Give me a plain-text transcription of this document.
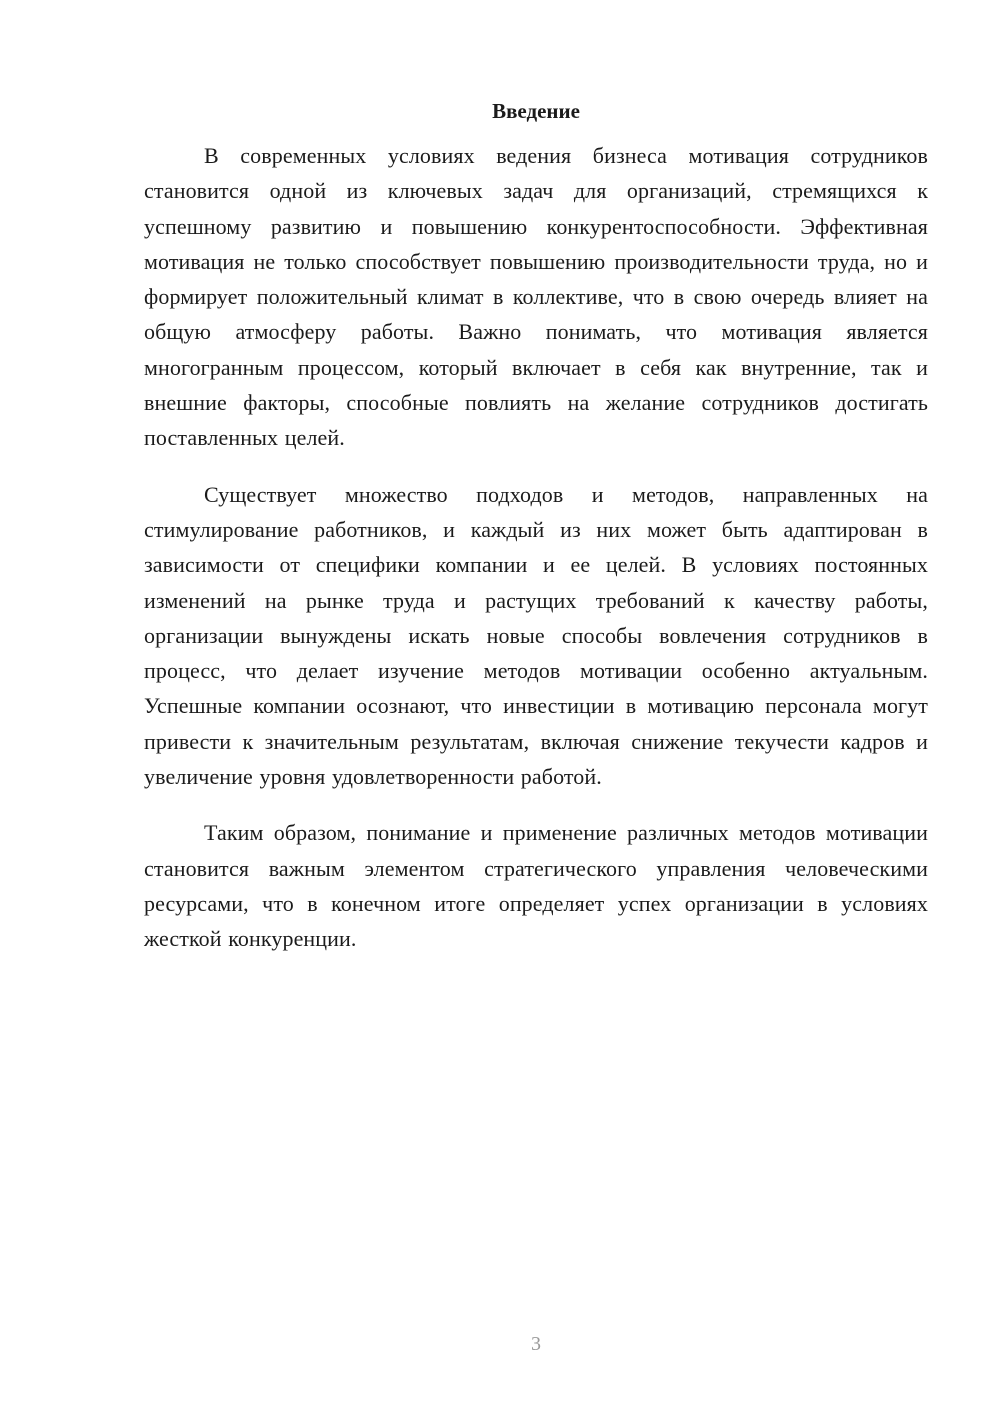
Введение

В современных условиях ведения бизнеса мотивация сотрудников становится одной из ключевых задач для организаций, стремящихся к успешному развитию и повышению конкурентоспособности. Эффективная мотивация не только способствует повышению производительности труда, но и формирует положительный климат в коллективе, что в свою очередь влияет на общую атмосферу работы. Важно понимать, что мотивация является многогранным процессом, который включает в себя как внутренние, так и внешние факторы, способные повлиять на желание сотрудников достигать поставленных целей.

Существует множество подходов и методов, направленных на стимулирование работников, и каждый из них может быть адаптирован в зависимости от специфики компании и ее целей. В условиях постоянных изменений на рынке труда и растущих требований к качеству работы, организации вынуждены искать новые способы вовлечения сотрудников в процесс, что делает изучение методов мотивации особенно актуальным. Успешные компании осознают, что инвестиции в мотивацию персонала могут привести к значительным результатам, включая снижение текучести кадров и увеличение уровня удовлетворенности работой.

Таким образом, понимание и применение различных методов мотивации становится важным элементом стратегического управления человеческими ресурсами, что в конечном итоге определяет успех организации в условиях жесткой конкуренции.

3
